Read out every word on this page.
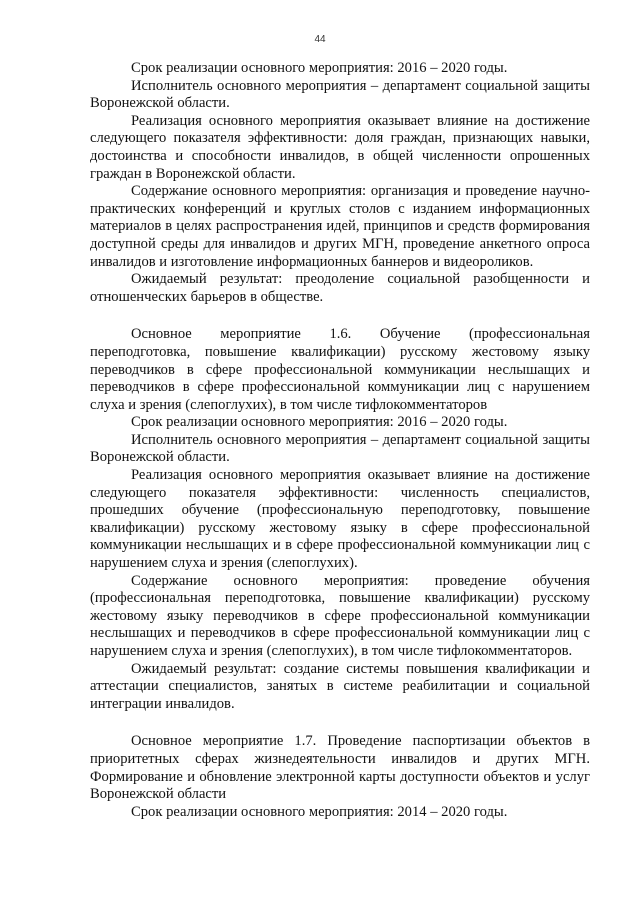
44

Срок реализации основного мероприятия: 2016 – 2020 годы.

Исполнитель основного мероприятия – департамент социальной защиты Воронежской области.

Реализация основного мероприятия оказывает влияние на достижение следующего показателя эффективности: доля граждан, признающих навыки, достоинства и способности инвалидов, в общей численности опрошенных граждан в Воронежской области.

Содержание основного мероприятия: организация и проведение научно-практических конференций и круглых столов с изданием информационных материалов в целях распространения идей, принципов и средств формирования доступной среды для инвалидов и других МГН, проведение анкетного опроса инвалидов и изготовление информационных баннеров и видеороликов.

Ожидаемый результат: преодоление социальной разобщенности и отношенческих барьеров в обществе.

Основное мероприятие 1.6. Обучение (профессиональная переподготовка, повышение квалификации) русскому жестовому языку переводчиков в сфере профессиональной коммуникации неслышащих и переводчиков в сфере профессиональной коммуникации лиц с нарушением слуха и зрения (слепоглухих), в том числе тифлокомментаторов

Срок реализации основного мероприятия: 2016 – 2020 годы.

Исполнитель основного мероприятия – департамент социальной защиты Воронежской области.

Реализация основного мероприятия оказывает влияние на достижение следующего показателя эффективности: численность специалистов, прошедших обучение (профессиональную переподготовку, повышение квалификации) русскому жестовому языку в сфере профессиональной коммуникации неслышащих и в сфере профессиональной коммуникации лиц с нарушением слуха и зрения (слепоглухих).

Содержание основного мероприятия: проведение обучения (профессиональная переподготовка, повышение квалификации) русскому жестовому языку переводчиков в сфере профессиональной коммуникации неслышащих и переводчиков в сфере профессиональной коммуникации лиц с нарушением слуха и зрения (слепоглухих), в том числе тифлокомментаторов.

Ожидаемый результат: создание системы повышения квалификации и аттестации специалистов, занятых в системе реабилитации и социальной интеграции инвалидов.

Основное мероприятие 1.7. Проведение паспортизации объектов в приоритетных сферах жизнедеятельности инвалидов и других МГН. Формирование и обновление электронной карты доступности объектов и услуг Воронежской области

Срок реализации основного мероприятия: 2014 – 2020 годы.
